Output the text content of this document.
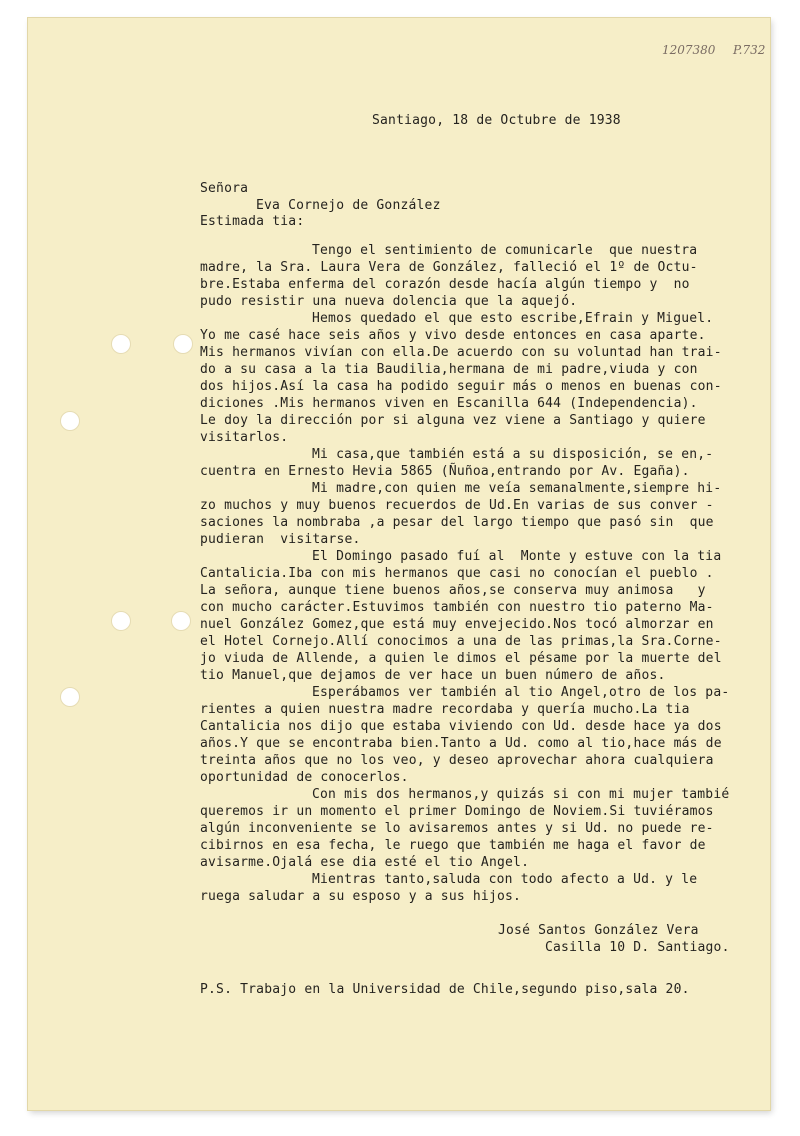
1207380 P.732

Santiago, 18 de Octubre de 1938

Señora

Eva Cornejo de González

Estimada tia:

Tengo el sentimiento de comunicarle  que nuestra

madre, la Sra. Laura Vera de González, falleció el 1º de Octu-

bre.Estaba enferma del corazón desde hacía algún tiempo y  no

pudo resistir una nueva dolencia que la aquejó.

Hemos quedado el que esto escribe,Efrain y Miguel.

Yo me casé hace seis años y vivo desde entonces en casa aparte.

Mis hermanos vivían con ella.De acuerdo con su voluntad han trai-

do a su casa a la tia Baudilia,hermana de mi padre,viuda y con

dos hijos.Así la casa ha podido seguir más o menos en buenas con-

diciones .Mis hermanos viven en Escanilla 644 (Independencia).

Le doy la dirección por si alguna vez viene a Santiago y quiere

visitarlos.

Mi casa,que también está a su disposición, se en,-

cuentra en Ernesto Hevia 5865 (Ñuñoa,entrando por Av. Egaña).

Mi madre,con quien me veía semanalmente,siempre hi-

zo muchos y muy buenos recuerdos de Ud.En varias de sus conver -

saciones la nombraba ,a pesar del largo tiempo que pasó sin  que

pudieran  visitarse.

El Domingo pasado fuí al  Monte y estuve con la tia

Cantalicia.Iba con mis hermanos que casi no conocían el pueblo .

La señora, aunque tiene buenos años,se conserva muy animosa   y

con mucho carácter.Estuvimos también con nuestro tio paterno Ma-

nuel González Gomez,que está muy envejecido.Nos tocó almorzar en

el Hotel Cornejo.Allí conocimos a una de las primas,la Sra.Corne-

jo viuda de Allende, a quien le dimos el pésame por la muerte del

tio Manuel,que dejamos de ver hace un buen número de años.

Esperábamos ver también al tio Angel,otro de los pa-

rientes a quien nuestra madre recordaba y quería mucho.La tia

Cantalicia nos dijo que estaba viviendo con Ud. desde hace ya dos

años.Y que se encontraba bien.Tanto a Ud. como al tio,hace más de

treinta años que no los veo, y deseo aprovechar ahora cualquiera

oportunidad de conocerlos.

Con mis dos hermanos,y quizás si con mi mujer tambié

queremos ir un momento el primer Domingo de Noviem.Si tuviéramos

algún inconveniente se lo avisaremos antes y si Ud. no puede re-

cibirnos en esa fecha, le ruego que también me haga el favor de

avisarme.Ojalá ese dia esté el tio Angel.

Mientras tanto,saluda con todo afecto a Ud. y le

ruega saludar a su esposo y a sus hijos.

José Santos González Vera

Casilla 10 D. Santiago.

P.S. Trabajo en la Universidad de Chile,segundo piso,sala 20.
